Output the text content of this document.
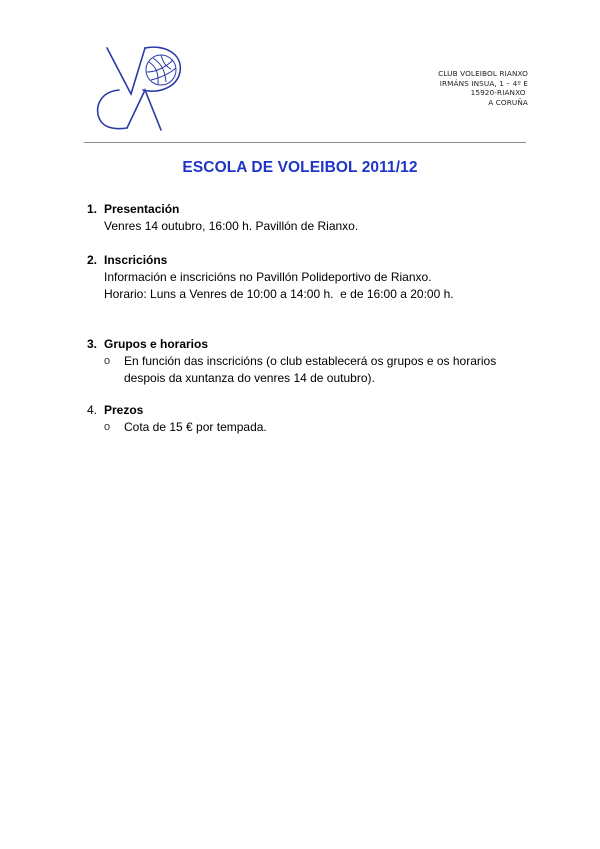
CLUB VOLEIBOL RIANXO
IRMÁNS INSUA, 1 – 4º E
15920-RIANXO
A CORUÑA
ESCOLA DE VOLEIBOL 2011/12
1. Presentación
Venres 14 outubro, 16:00 h. Pavillón de Rianxo.
2. Inscricións
Información e inscricións no Pavillón Polideportivo de Rianxo.
Horario: Luns a Venres de 10:00 a 14:00 h.  e de 16:00 a 20:00 h.
3. Grupos e horarios
o	En función das inscricións (o club establecerá os grupos e os horarios despois da xuntanza do venres 14 de outubro).
4. Prezos
o	Cota de 15 € por tempada.
